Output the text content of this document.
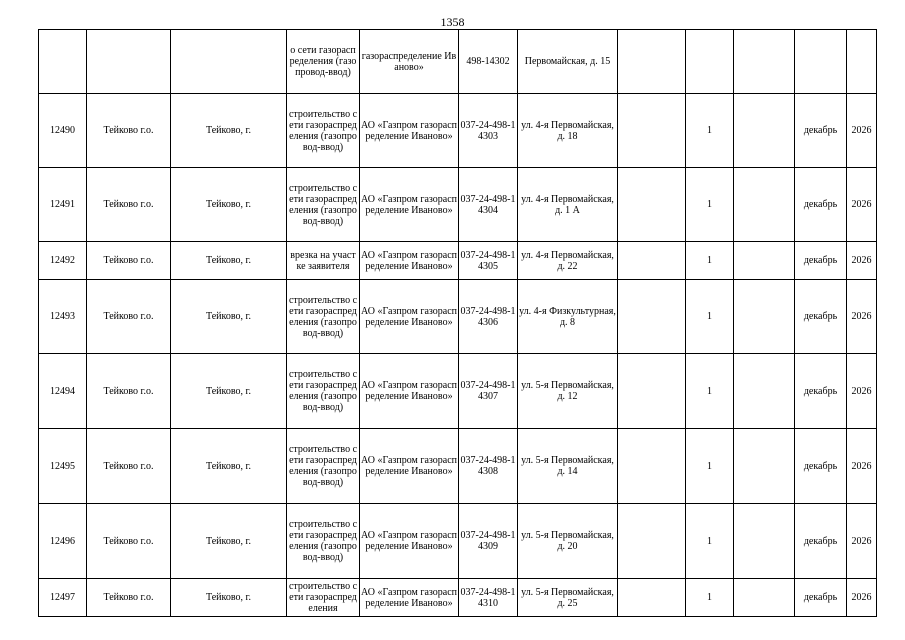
1358
			о сети газораспределения (газопровод-ввод)	газораспределение Иваново»	498-14302	Первомайская, д. 15					
12490	Тейково г.о.	Тейково, г.	строительство сети газораспределения (газопровод-ввод)	АО «Газпром газораспределение Иваново»	037-24-498-14303	ул. 4-я Первомайская, д. 18		1		декабрь	2026
12491	Тейково г.о.	Тейково, г.	строительство сети газораспределения (газопровод-ввод)	АО «Газпром газораспределение Иваново»	037-24-498-14304	ул. 4-я Первомайская, д. 1 А		1		декабрь	2026
12492	Тейково г.о.	Тейково, г.	врезка на участке заявителя	АО «Газпром газораспределение Иваново»	037-24-498-14305	ул. 4-я Первомайская, д. 22		1		декабрь	2026
12493	Тейково г.о.	Тейково, г.	строительство сети газораспределения (газопровод-ввод)	АО «Газпром газораспределение Иваново»	037-24-498-14306	ул. 4-я Физкультурная, д. 8		1		декабрь	2026
12494	Тейково г.о.	Тейково, г.	строительство сети газораспределения (газопровод-ввод)	АО «Газпром газораспределение Иваново»	037-24-498-14307	ул. 5-я Первомайская, д. 12		1		декабрь	2026
12495	Тейково г.о.	Тейково, г.	строительство сети газораспределения (газопровод-ввод)	АО «Газпром газораспределение Иваново»	037-24-498-14308	ул. 5-я Первомайская, д. 14		1		декабрь	2026
12496	Тейково г.о.	Тейково, г.	строительство сети газораспределения (газопровод-ввод)	АО «Газпром газораспределение Иваново»	037-24-498-14309	ул. 5-я Первомайская, д. 20		1		декабрь	2026
12497	Тейково г.о.	Тейково, г.	строительство сети газораспределения	АО «Газпром газораспределение Иваново»	037-24-498-14310	ул. 5-я Первомайская, д. 25		1		декабрь	2026
